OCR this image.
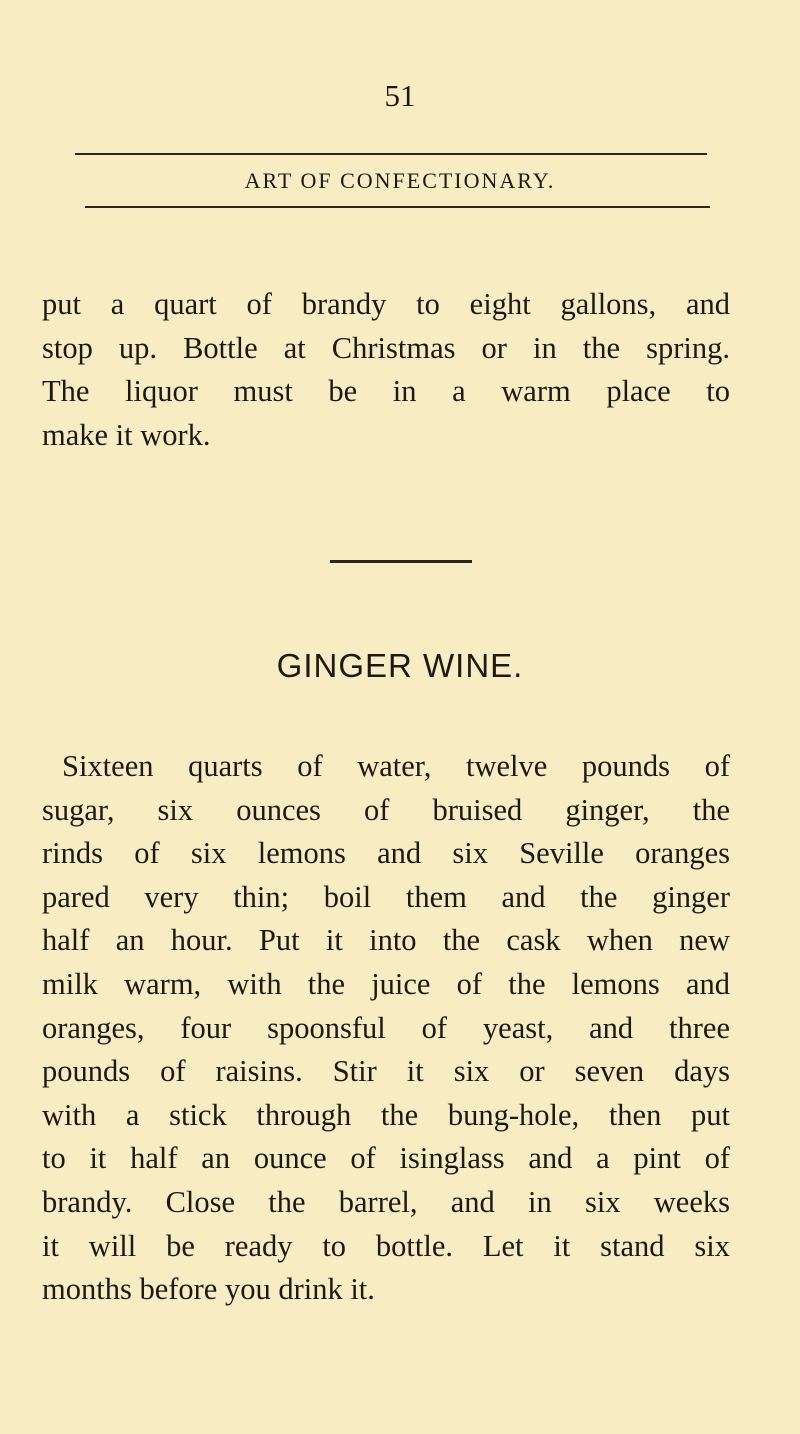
51
ART OF CONFECTIONARY.
put a quart of brandy to eight gallons, and
stop up. Bottle at Christmas or in the spring.
The liquor must be in a warm place to
make it work.
GINGER WINE.
Sixteen quarts of water, twelve pounds of
sugar, six ounces of bruised ginger, the
rinds of six lemons and six Seville oranges
pared very thin; boil them and the ginger
half an hour. Put it into the cask when new
milk warm, with the juice of the lemons and
oranges, four spoonsful of yeast, and three
pounds of raisins. Stir it six or seven days
with a stick through the bung-hole, then put
to it half an ounce of isinglass and a pint of
brandy. Close the barrel, and in six weeks
it will be ready to bottle. Let it stand six
months before you drink it.
